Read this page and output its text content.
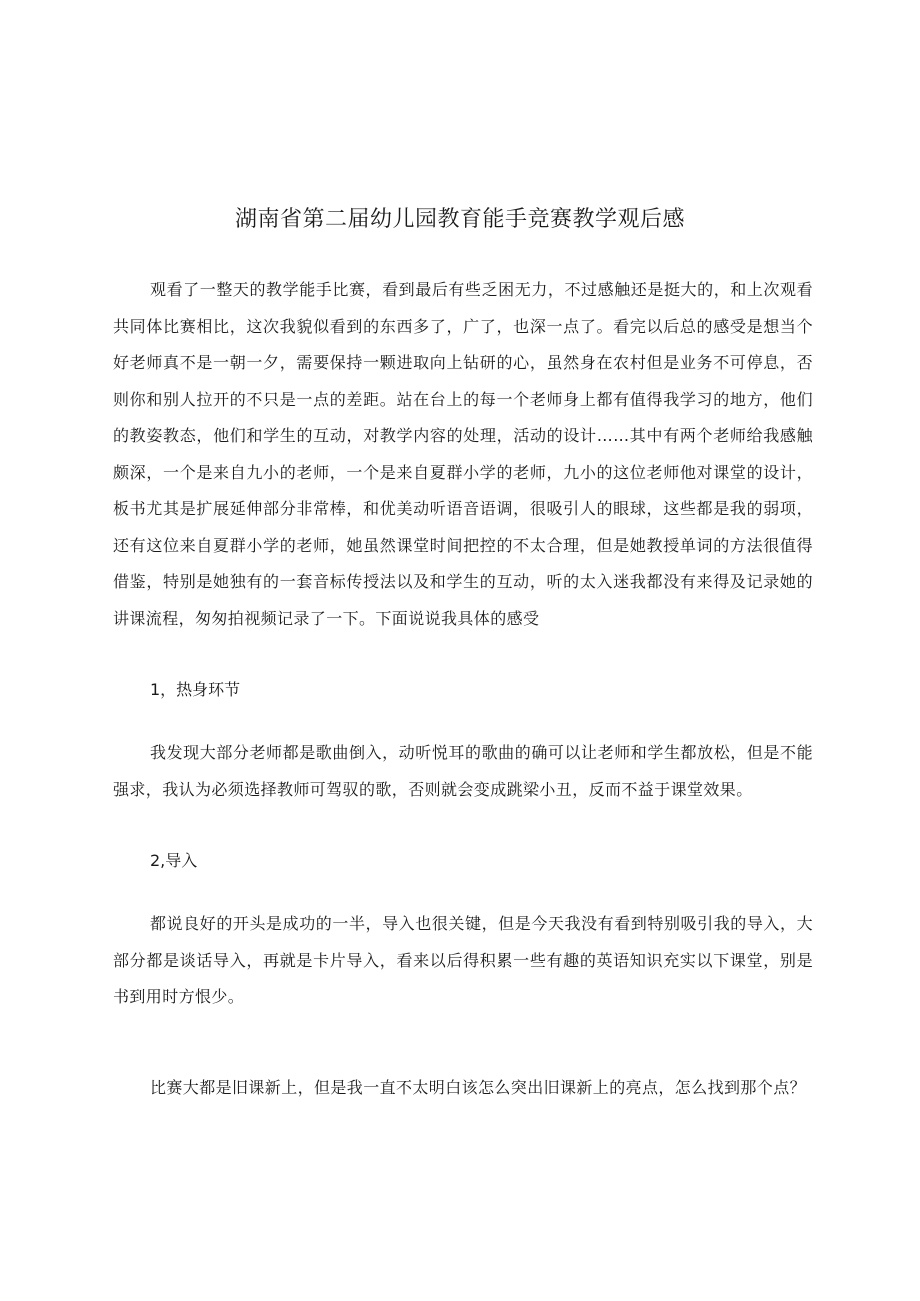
湖南省第二届幼儿园教育能手竞赛教学观后感

观看了一整天的教学能手比赛，看到最后有些乏困无力，不过感触还是挺大的，和上次观看共同体比赛相比，这次我貌似看到的东西多了，广了，也深一点了。看完以后总的感受是想当个好老师真不是一朝一夕，需要保持一颗进取向上钻研的心，虽然身在农村但是业务不可停息，否则你和别人拉开的不只是一点的差距。站在台上的每一个老师身上都有值得我学习的地方，他们的教姿教态，他们和学生的互动，对教学内容的处理，活动的设计……其中有两个老师给我感触颇深，一个是来自九小的老师，一个是来自夏群小学的老师，九小的这位老师他对课堂的设计，板书尤其是扩展延伸部分非常棒，和优美动听语音语调，很吸引人的眼球，这些都是我的弱项，还有这位来自夏群小学的老师，她虽然课堂时间把控的不太合理，但是她教授单词的方法很值得借鉴，特别是她独有的一套音标传授法以及和学生的互动，听的太入迷我都没有来得及记录她的讲课流程，匆匆拍视频记录了一下。下面说说我具体的感受

1，热身环节

我发现大部分老师都是歌曲倒入，动听悦耳的歌曲的确可以让老师和学生都放松，但是不能强求，我认为必须选择教师可驾驭的歌，否则就会变成跳梁小丑，反而不益于课堂效果。

2,导入

都说良好的开头是成功的一半，导入也很关键，但是今天我没有看到特别吸引我的导入，大部分都是谈话导入，再就是卡片导入，看来以后得积累一些有趣的英语知识充实以下课堂，别是书到用时方恨少。

比赛大都是旧课新上，但是我一直不太明白该怎么突出旧课新上的亮点，怎么找到那个点？
